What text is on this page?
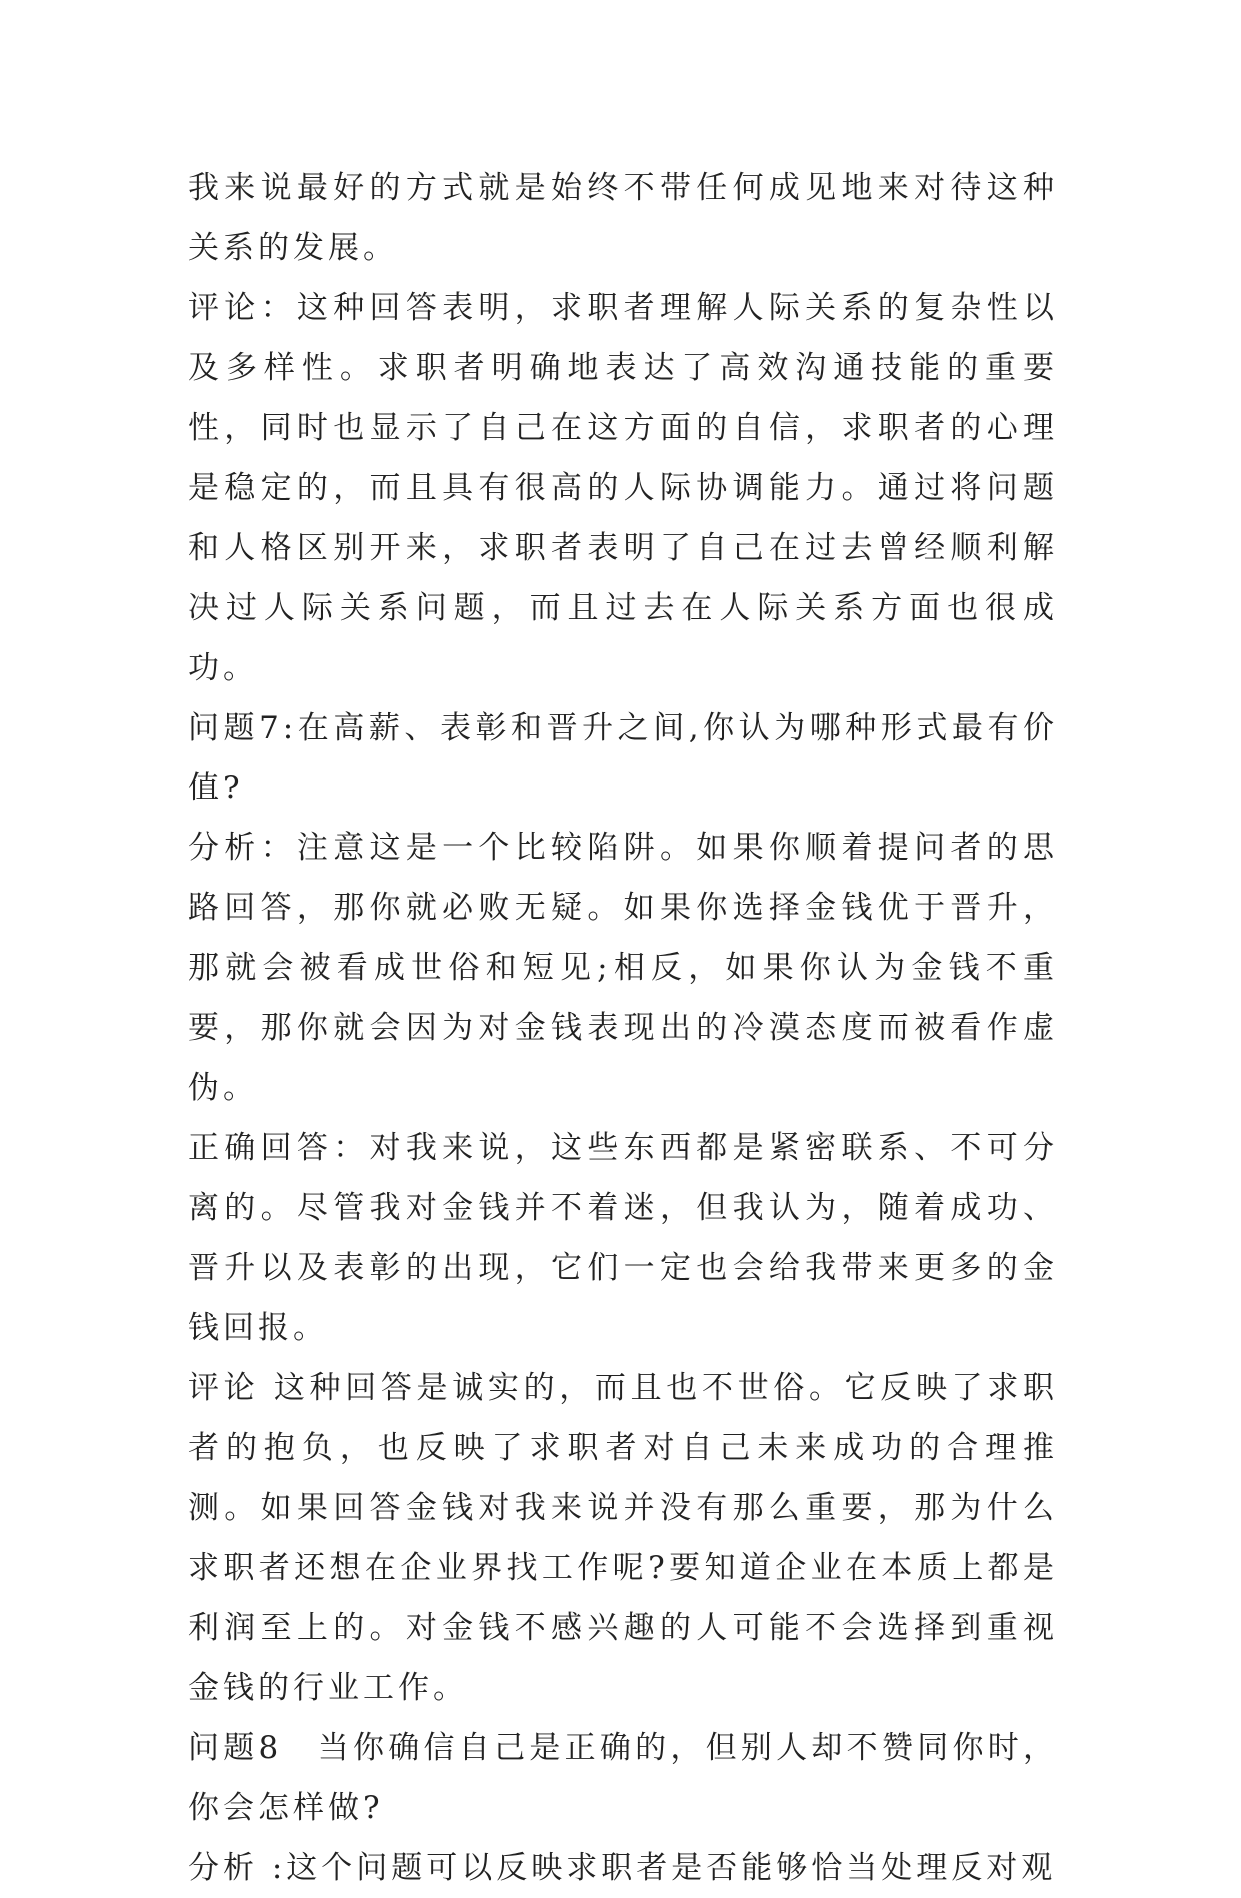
我来说最好的方式就是始终不带任何成见地来对待这种关系的发展。

评论：这种回答表明，求职者理解人际关系的复杂性以及多样性。求职者明确地表达了高效沟通技能的重要性，同时也显示了自己在这方面的自信，求职者的心理是稳定的，而且具有很高的人际协调能力。通过将问题和人格区别开来，求职者表明了自己在过去曾经顺利解决过人际关系问题，而且过去在人际关系方面也很成功。

问题7:在高薪、表彰和晋升之间,你认为哪种形式最有价值?

分析：注意这是一个比较陷阱。如果你顺着提问者的思路回答，那你就必败无疑。如果你选择金钱优于晋升，那就会被看成世俗和短见;相反，如果你认为金钱不重要，那你就会因为对金钱表现出的冷漠态度而被看作虚伪。

正确回答：对我来说，这些东西都是紧密联系、不可分离的。尽管我对金钱并不着迷，但我认为，随着成功、晋升以及表彰的出现，它们一定也会给我带来更多的金钱回报。

评论 这种回答是诚实的，而且也不世俗。它反映了求职者的抱负，也反映了求职者对自己未来成功的合理推测。如果回答金钱对我来说并没有那么重要，那为什么求职者还想在企业界找工作呢?要知道企业在本质上都是利润至上的。对金钱不感兴趣的人可能不会选择到重视金钱的行业工作。

问题8　当你确信自己是正确的，但别人却不赞同你时，你会怎样做?

分析 :这个问题可以反映求职者是否能够恰当处理反对观
